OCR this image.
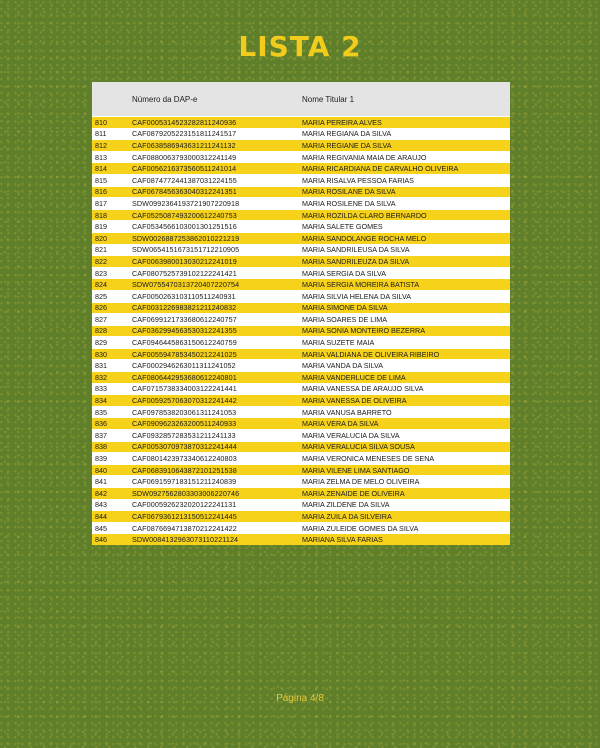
LISTA 2
Número da DAP-e	Nome Titular 1
810	CAF0005314523282811240936	MARIA PEREIRA ALVES
811	CAF0879205223151811241517	MARIA REGIANA DA SILVA
812	CAF0638586943631211241132	MARIA REGIANE DA SILVA
813	CAF0880063793000312241149	MARIA REGIVANIA MAIA DE ARAUJO
814	CAF0056216373560511241014	MARIA RICARDIANA DE CARVALHO OLIVEIRA
815	CAF0874772441387031224155	MARIA RISALVA PESSOA FARIAS
816	CAF0678456363040312241351	MARIA ROSILANE DA SILVA
817	SDW0992364193721907220918	MARIA ROSILENE DA SILVA
818	CAF0525087493200612240753	MARIA ROZILDA CLARO BERNARDO
819	CAF0534566103001301251516	MARIA SALETE GOMES
820	SDW0026887253862010221219	MARIA SANDOLANGE ROCHA MELO
821	SDW0654151673151712210905	MARIA SANDRILEUSA DA SILVA
822	CAF0063980013030212241019	MARIA SANDRILEUZA DA SILVA
823	CAF0807525739102122241421	MARIA SERGIA DA SILVA
824	SDW0755470313720407220754	MARIA SERGIA MOREIRA BATISTA
825	CAF0050263103110511240931	MARIA SILVIA HELENA DA SILVA
826	CAF0031226983821211240832	MARIA SIMONE DA SILVA
827	CAF0699121733680612240757	MARIA SOARES DE LIMA
828	CAF0362994563530312241355	MARIA SONIA MONTEIRO BEZERRA
829	CAF0946445863150612240759	MARIA SUZETE MAIA
830	CAF0055947853450212241025	MARIA VALDIANA DE OLIVEIRA RIBEIRO
831	CAF0002946263011311241052	MARIA VANDA DA SILVA
832	CAF0806442953680612240801	MARIA VANDERLUCE DE LIMA
833	CAF0715738334003122241441	MARIA VANESSA DE ARAUJO SILVA
834	CAF0059257063070312241442	MARIA VANESSA DE OLIVEIRA
835	CAF0978538203061311241053	MARIA VANUSA BARRETO
836	CAF0909623263200511240933	MARIA VERA DA SILVA
837	CAF0932857283531211241133	MARIA VERALUCIA DA SILVA
838	CAF0053070973870312241444	MARIA VERALUCIA SILVA SOUSA
839	CAF0801423973340612240803	MARIA VERONICA MENESES DE SENA
840	CAF0683910643872101251538	MARIA VILENE LIMA SANTIAGO
841	CAF0691597183151211240839	MARIA ZELMA DE MELO OLIVEIRA
842	SDW0927562803303006220746	MARIA ZENAIDE DE OLIVEIRA
843	CAF0005926232020122241131	MARIA ZILDENE DA SILVA
844	CAF0679361213150512241445	MARIA ZUILA DA SILVEIRA
845	CAF0876694713870212241422	MARIA ZULEIDE GOMES DA SILVA
846	SDW0084132963073110221124	MARIANA SILVA FARIAS
Página 4/8
